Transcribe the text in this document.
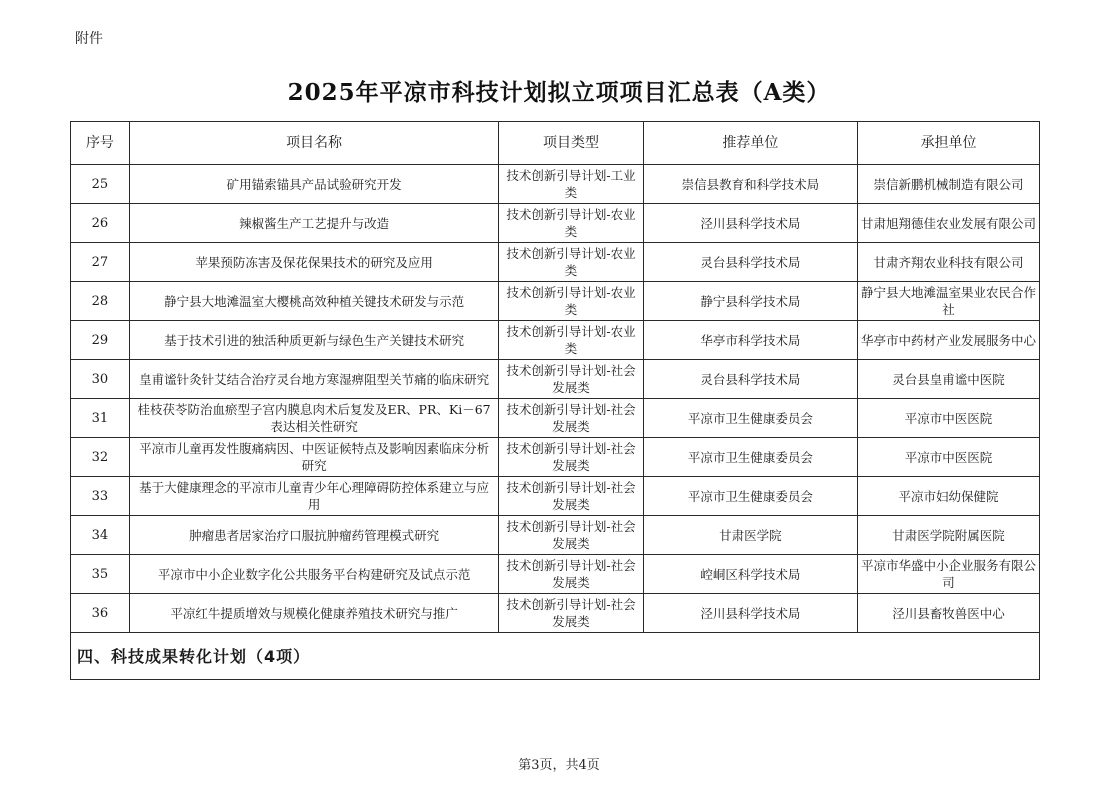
附件
2025年平凉市科技计划拟立项项目汇总表（A类）
序号	项目名称	项目类型	推荐单位	承担单位
25	矿用锚索锚具产品试验研究开发	技术创新引导计划-工业类	崇信县教育和科学技术局	崇信新鹏机械制造有限公司
26	辣椒酱生产工艺提升与改造	技术创新引导计划-农业类	泾川县科学技术局	甘肃旭翔德佳农业发展有限公司
27	苹果预防冻害及保花保果技术的研究及应用	技术创新引导计划-农业类	灵台县科学技术局	甘肃齐翔农业科技有限公司
28	静宁县大地滩温室大樱桃高效种植关键技术研发与示范	技术创新引导计划-农业类	静宁县科学技术局	静宁县大地滩温室果业农民合作社
29	基于技术引进的独活种质更新与绿色生产关键技术研究	技术创新引导计划-农业类	华亭市科学技术局	华亭市中药材产业发展服务中心
30	皇甫谧针灸针艾结合治疗灵台地方寒湿痹阻型关节痛的临床研究	技术创新引导计划-社会发展类	灵台县科学技术局	灵台县皇甫谧中医院
31	桂枝茯苓防治血瘀型子宫内膜息肉术后复发及ER、PR、Ki－67表达相关性研究	技术创新引导计划-社会发展类	平凉市卫生健康委员会	平凉市中医医院
32	平凉市儿童再发性腹痛病因、中医证候特点及影响因素临床分析研究	技术创新引导计划-社会发展类	平凉市卫生健康委员会	平凉市中医医院
33	基于大健康理念的平凉市儿童青少年心理障碍防控体系建立与应用	技术创新引导计划-社会发展类	平凉市卫生健康委员会	平凉市妇幼保健院
34	肿瘤患者居家治疗口服抗肿瘤药管理模式研究	技术创新引导计划-社会发展类	甘肃医学院	甘肃医学院附属医院
35	平凉市中小企业数字化公共服务平台构建研究及试点示范	技术创新引导计划-社会发展类	崆峒区科学技术局	平凉市华盛中小企业服务有限公司
36	平凉红牛提质增效与规模化健康养殖技术研究与推广	技术创新引导计划-社会发展类	泾川县科学技术局	泾川县畜牧兽医中心
四、科技成果转化计划（4项）				
第3页，共4页
